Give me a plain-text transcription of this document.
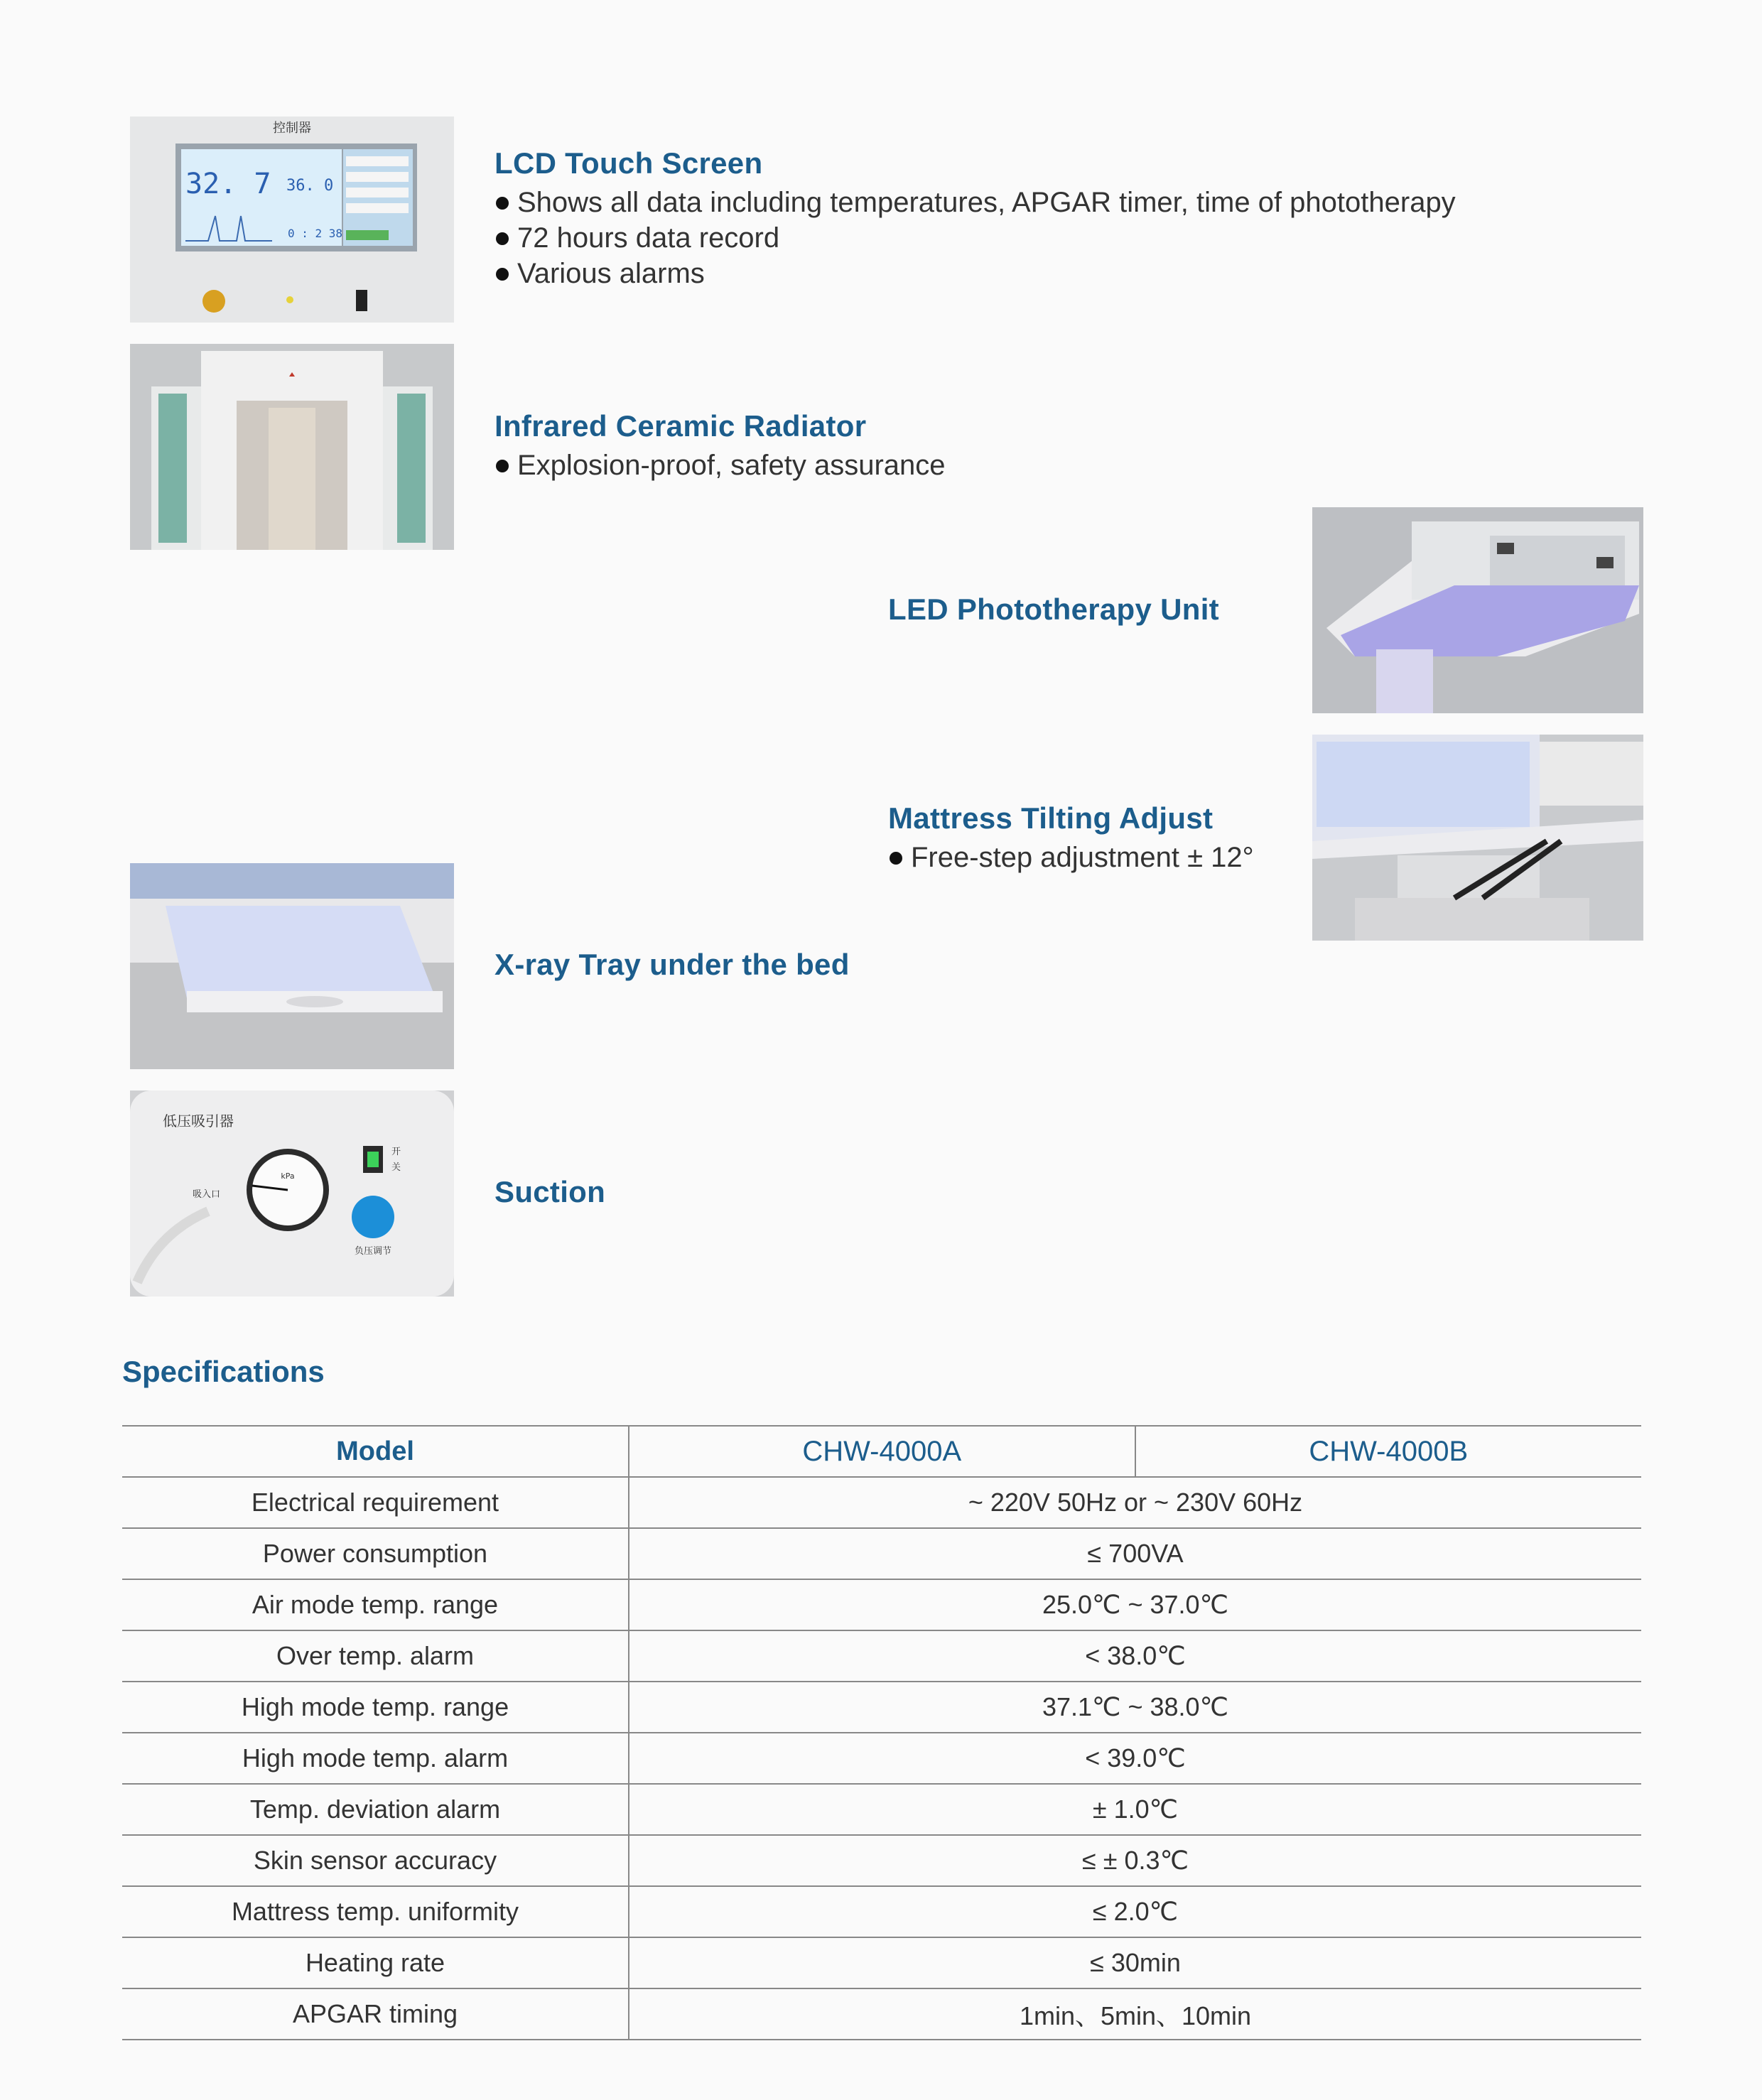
控制器
32. 7 36. 0
0 : 2 38
低压吸引器
吸入口
kPa
开
关
负压调节
LCD Touch Screen
Shows all data including temperatures, APGAR timer, time of phototherapy
72 hours data record
Various alarms
Infrared Ceramic Radiator
Explosion-proof, safety assurance
LED Phototherapy Unit
Mattress Tilting Adjust
Free-step adjustment ± 12°
X-ray Tray under the bed
Suction
Specifications
Model	CHW-4000A	CHW-4000B
Electrical requirement	~ 220V 50Hz or ~ 230V 60Hz	
Power consumption	≤ 700VA	
Air mode temp. range	25.0℃ ~ 37.0℃	
Over temp. alarm	< 38.0℃	
High mode temp. range	37.1℃ ~ 38.0℃	
High mode temp. alarm	< 39.0℃	
Temp. deviation alarm	± 1.0℃	
Skin sensor accuracy	≤ ± 0.3℃	
Mattress temp. uniformity	≤ 2.0℃	
Heating rate	≤ 30min	
APGAR timing	1min、5min、10min	
